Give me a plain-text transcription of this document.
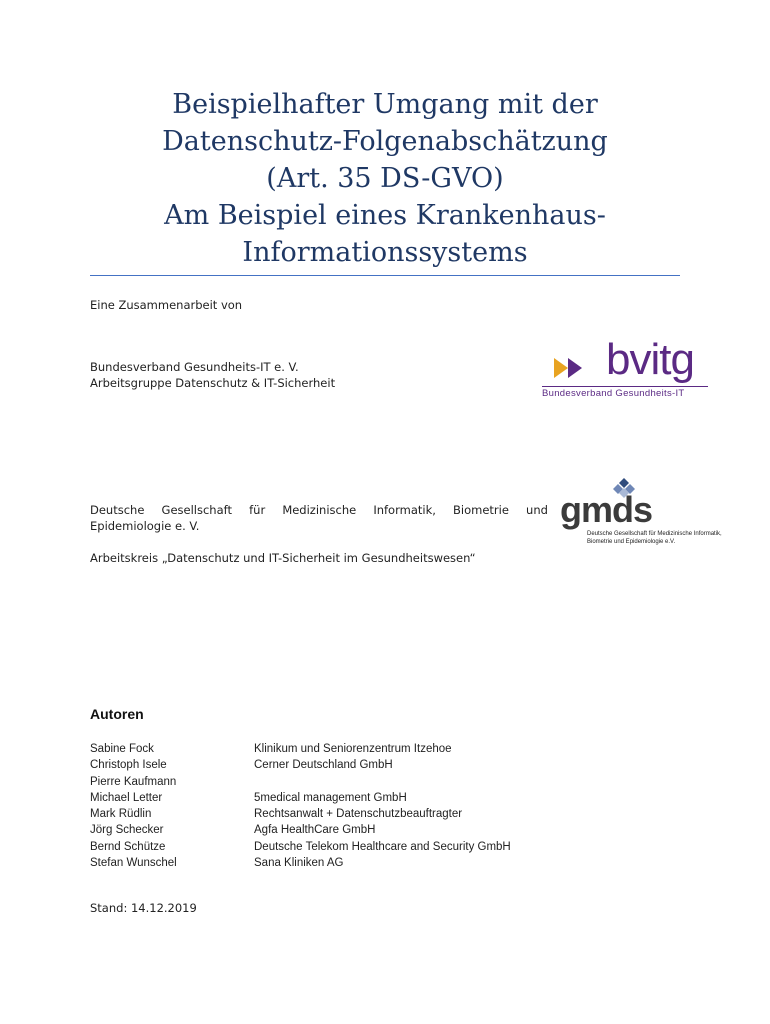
Beispielhafter Umgang mit der
Datenschutz-Folgenabschätzung
(Art. 35 DS-GVO)
Am Beispiel eines Krankenhaus-
Informationssystems
Eine Zusammenarbeit von
Bundesverband Gesundheits-IT e. V.
Arbeitsgruppe Datenschutz & IT-Sicherheit	bvitg
Bundesverband Gesundheits-IT
Deutsche Gesellschaft für Medizinische Informatik, Biometrie und
Epidemiologie e. V.
Arbeitskreis „Datenschutz und IT-Sicherheit im Gesundheitswesen“
gmds
Deutsche Gesellschaft für Medizinische Informatik, Biometrie und Epidemiologie e.V.
Autoren
Sabine Fock	Klinikum und Seniorenzentrum Itzehoe
Christoph Isele	Cerner Deutschland GmbH
Pierre Kaufmann
Michael Letter	5medical management GmbH
Mark Rüdlin	Rechtsanwalt + Datenschutzbeauftragter
Jörg Schecker	Agfa HealthCare GmbH
Bernd Schütze	Deutsche Telekom Healthcare and Security GmbH
Stefan Wunschel	Sana Kliniken AG
Stand: 14.12.2019
